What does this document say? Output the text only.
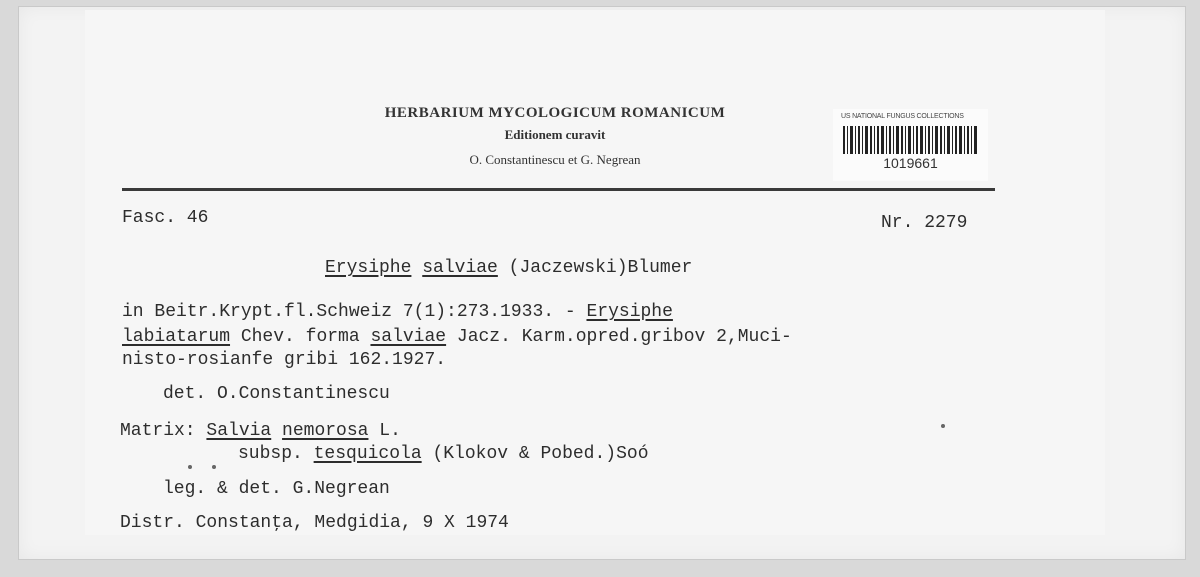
HERBARIUM MYCOLOGICUM ROMANICUM
Editionem curavit
O. Constantinescu et G. Negrean
US NATIONAL FUNGUS COLLECTIONS
1019661
Fasc. 46	Nr. 2279
Erysiphe salviae (Jaczewski)Blumer
in Beitr.Krypt.fl.Schweiz 7(1):273.1933. - Erysiphe
labiatarum Chev. forma salviae Jacz. Karm.opred.gribov 2,Muci-
nisto-rosianfe gribi 162.1927.
det. O.Constantinescu
Matrix: Salvia nemorosa L.
subsp. tesquicola (Klokov & Pobed.)Soó
leg. & det. G.Negrean
Distr. Constanţa, Medgidia, 9 X 1974
